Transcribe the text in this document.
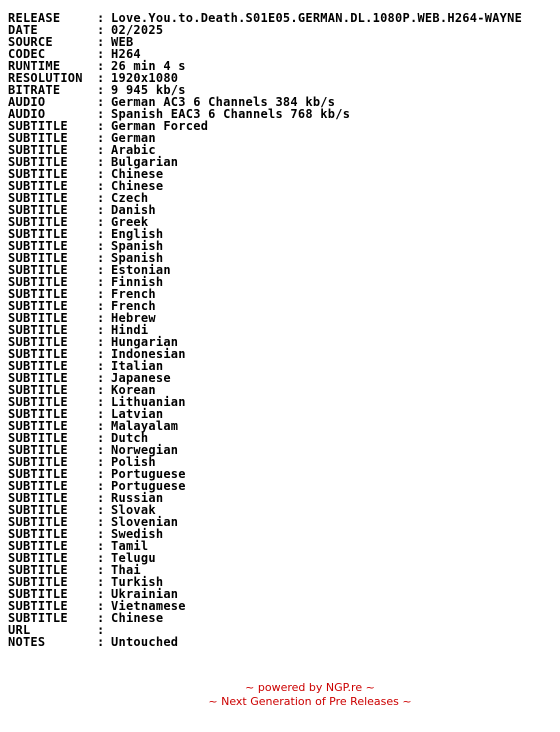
RELEASE	: Love.You.to.Death.S01E05.GERMAN.DL.1080P.WEB.H264-WAYNE
DATE	: 02/2025
SOURCE	: WEB
CODEC	: H264
RUNTIME	: 26 min 4 s
RESOLUTION : 1920x1080
BITRATE	: 9 945 kb/s
AUDIO	: German AC3 6 Channels 384 kb/s
AUDIO	: Spanish EAC3 6 Channels 768 kb/s
SUBTITLE : German Forced
SUBTITLE : German
SUBTITLE : Arabic
SUBTITLE : Bulgarian
SUBTITLE : Chinese
SUBTITLE : Chinese
SUBTITLE : Czech
SUBTITLE : Danish
SUBTITLE : Greek
SUBTITLE : English
SUBTITLE : Spanish
SUBTITLE : Spanish
SUBTITLE : Estonian
SUBTITLE : Finnish
SUBTITLE : French
SUBTITLE : French
SUBTITLE : Hebrew
SUBTITLE : Hindi
SUBTITLE : Hungarian
SUBTITLE : Indonesian
SUBTITLE : Italian
SUBTITLE : Japanese
SUBTITLE : Korean
SUBTITLE : Lithuanian
SUBTITLE : Latvian
SUBTITLE : Malayalam
SUBTITLE : Dutch
SUBTITLE : Norwegian
SUBTITLE : Polish
SUBTITLE : Portuguese
SUBTITLE : Portuguese
SUBTITLE : Russian
SUBTITLE : Slovak
SUBTITLE : Slovenian
SUBTITLE : Swedish
SUBTITLE : Tamil
SUBTITLE : Telugu
SUBTITLE : Thai
SUBTITLE : Turkish
SUBTITLE : Ukrainian
SUBTITLE : Vietnamese
SUBTITLE : Chinese
URL	:
NOTES	: Untouched
~ powered by NGP.re ~
~ Next Generation of Pre Releases ~
